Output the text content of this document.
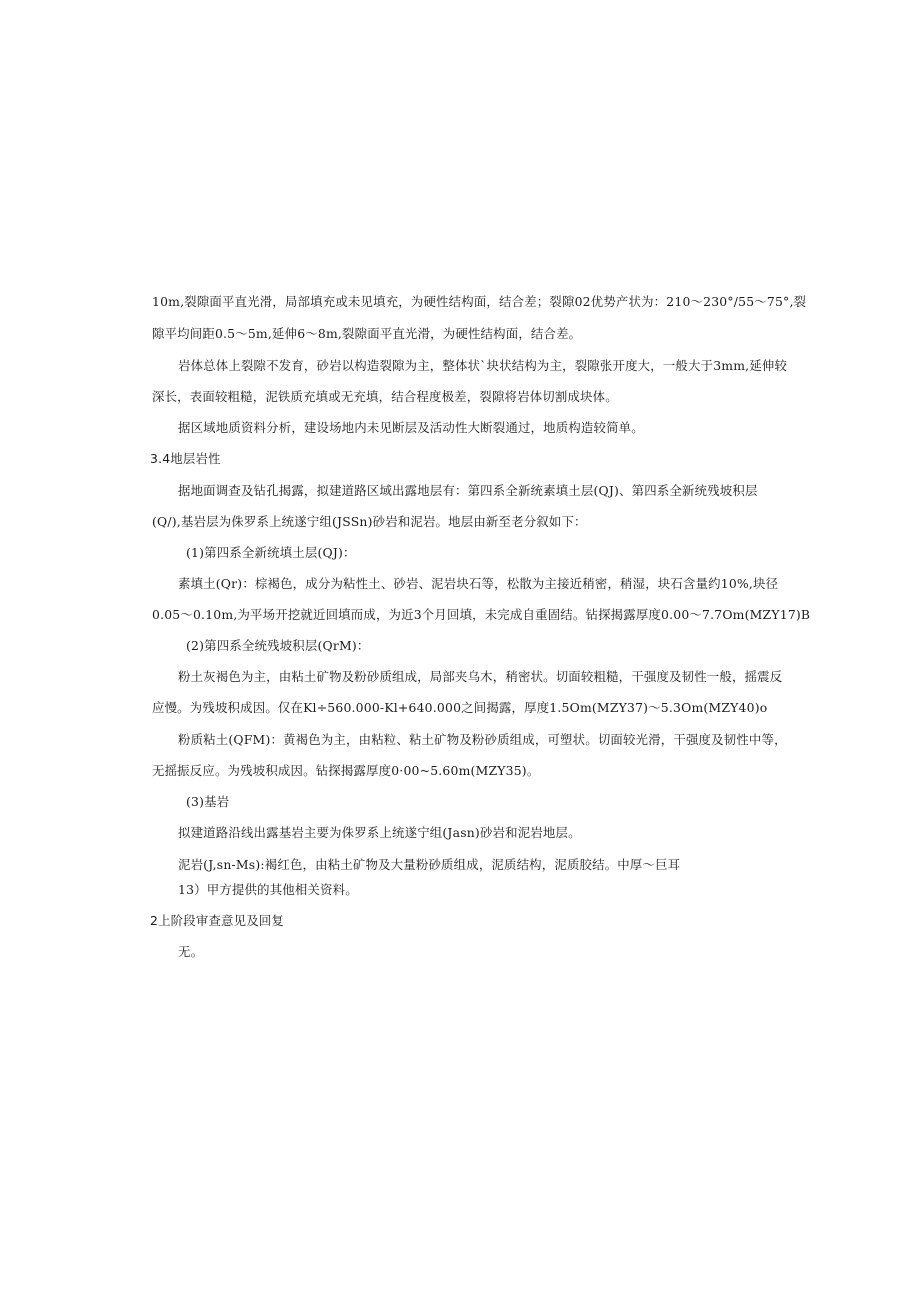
10m,裂隙面平直光滑，局部填充或未见填充，为硬性结构面，结合差；裂隙02优势产状为：210～230°/55～75°,裂
隙平均间距0.5～5m,延伸6～8m,裂隙面平直光滑，为硬性结构面，结合差。
岩体总体上裂隙不发育，砂岩以构造裂隙为主，整体状`块状结构为主，裂隙张开度大，一般大于3mm,延伸较
深长，表面较粗糙，泥铁质充填或无充填，结合程度极差，裂隙将岩体切割成块体。
据区域地质资料分析，建设场地内未见断层及活动性大断裂通过，地质构造较简单。
3.4地层岩性
据地面调查及钻孔揭露，拟建道路区域出露地层有：第四系全新统素填土层(QJ)、第四系全新统残坡积层
(Q/),基岩层为侏罗系上统遂宁组(JSSn)砂岩和泥岩。地层由新至老分叙如下：
(1)第四系全新统填土层(QJ)：
素填土(Qr)：棕褐色，成分为粘性土、砂岩、泥岩块石等，松散为主接近稍密，稍湿，块石含量约10%,块径
0.05～0.10m,为平场开挖就近回填而成，为近3个月回填，未完成自重固结。钻探揭露厚度0.00～7.7Om(MZY17)B
(2)第四系全统残坡积层(QrM)：
粉土灰褐色为主，由粘土矿物及粉砂质组成，局部夹乌木，稍密状。切面较粗糙，干强度及韧性一般，摇震反
应慢。为残坡积成因。仅在Kl÷560.000-Kl+640.000之间揭露，厚度1.5Om(MZY37)～5.3Om(MZY40)o
粉质粘土(QFM)：黄褐色为主，由粘粒、粘土矿物及粉砂质组成，可塑状。切面较光滑，干强度及韧性中等，
无摇振反应。为残坡积成因。钻探揭露厚度0·00~5.60m(MZY35)。
(3)基岩
拟建道路沿线出露基岩主要为侏罗系上统遂宁组(Jasn)砂岩和泥岩地层。
泥岩(J,sn-Ms):褐红色，由粘土矿物及大量粉砂质组成，泥质结构，泥质胶结。中厚～巨耳
13）甲方提供的其他相关资料。
2上阶段审查意见及回复
无。
